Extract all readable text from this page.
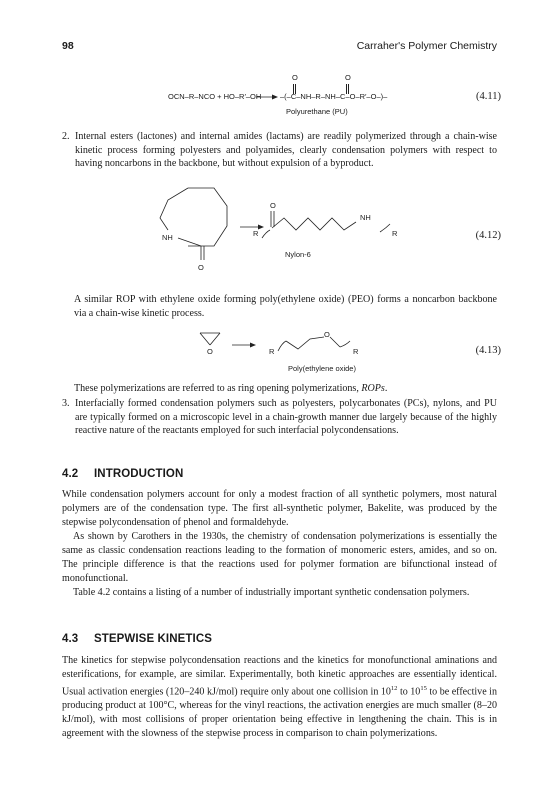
98	Carraher's Polymer Chemistry
O	O
OCN–R–NCO + HO–R′–OH → –(–C–NH–R–NH–C–O–R′–O–)–
Polyurethane (PU)
(4.11)
2. Internal esters (lactones) and internal amides (lactams) are readily polymerized through a chain-wise kinetic process forming polyesters and polyamides, clearly condensation polymers with respect to having noncarbons in the backbone, but without expulsion of a byproduct.
NH
O
R
O
NH
R
Nylon-6
(4.12)

A similar ROP with ethylene oxide forming poly(ethylene oxide) (PEO) forms a noncarbon backbone via a chain-wise kinetic process.

O	R
O
R
Poly(ethylene oxide)
(4.13)

These polymerizations are referred to as ring opening polymerizations, ROPs.

3. Interfacially formed condensation polymers such as polyesters, polycarbonates (PCs), nylons, and PU are typically formed on a microscopic level in a chain-growth manner due largely because of the highly reactive nature of the reactants employed for such interfacial polycondensations.
4.2 INTRODUCTION

While condensation polymers account for only a modest fraction of all synthetic polymers, most natural polymers are of the condensation type. The first all-synthetic polymer, Bakelite, was produced by the stepwise polycondensation of phenol and formaldehyde.

As shown by Carothers in the 1930s, the chemistry of condensation polymerizations is essentially the same as classic condensation reactions leading to the formation of monomeric esters, amides, and so on. The principle difference is that the reactions used for polymer formation are bifunctional instead of monofunctional.

Table 4.2 contains a listing of a number of industrially important synthetic condensation polymers.

4.3 STEPWISE KINETICS

The kinetics for stepwise polycondensation reactions and the kinetics for monofunctional aminations and esterifications, for example, are similar. Experimentally, both kinetic approaches are essentially identical. Usual activation energies (120–240 kJ/mol) require only about one collision in $10^{12}$ to $10^{15}$ to be effective in producing product at 100°C, whereas for the vinyl reactions, the activation energies are much smaller (8–20 kJ/mol), with most collisions of proper orientation being effective in lengthening the chain. This is in agreement with the slowness of the stepwise process in comparison to chain polymerizations.
